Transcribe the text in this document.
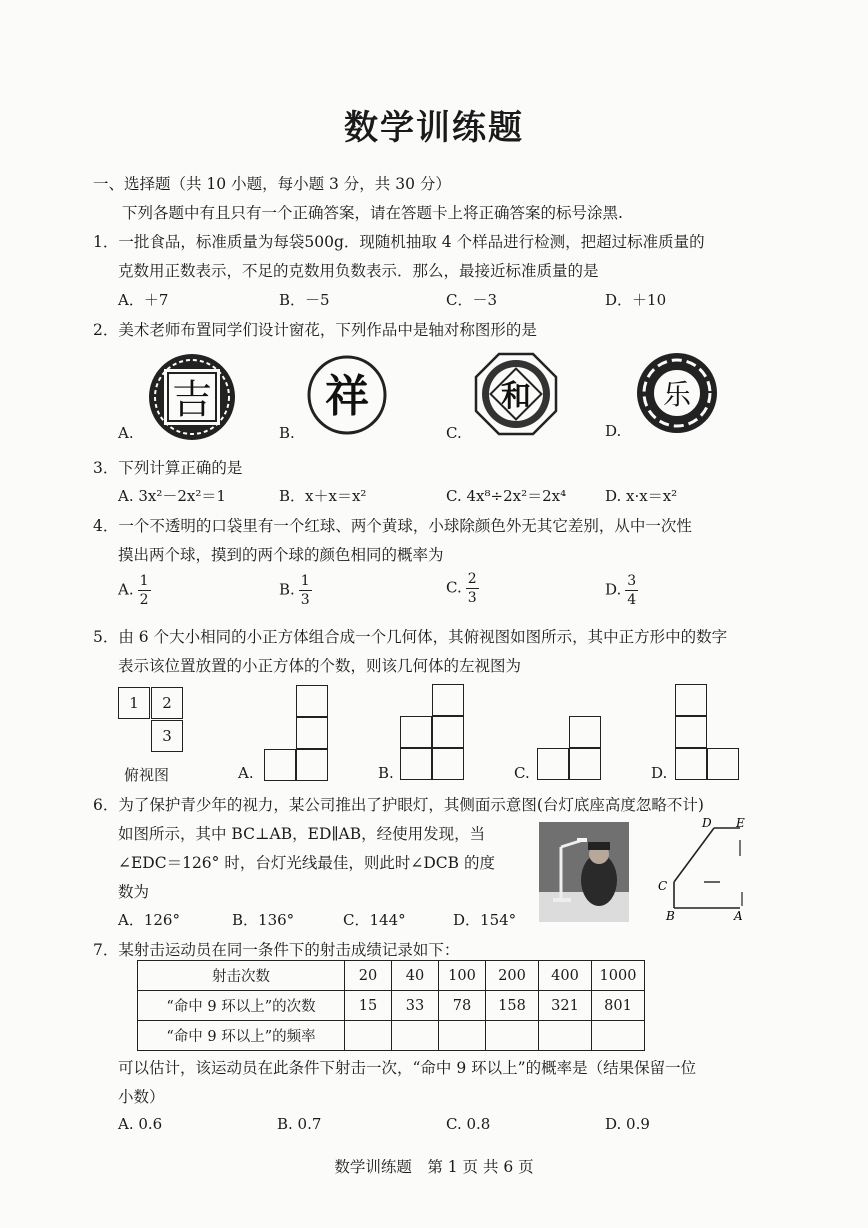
数学训练题
一、选择题（共 10 小题，每小题 3 分，共 30 分）
下列各题中有且只有一个正确答案，请在答题卡上将正确答案的标号涂黑.
1．一批食品，标准质量为每袋500g．现随机抽取 4 个样品进行检测，把超过标准质量的
克数用正数表示，不足的克数用负数表示．那么，最接近标准质量的是
A．＋7	B．－5	C．－3	D．＋10
2．美术老师布置同学们设计窗花，下列作品中是轴对称图形的是
A.	B.	C.	D.
吉	祥	和	乐
3．下列计算正确的是
A. 3x²－2x²＝1	B．x＋x＝x²	C. 4x⁸÷2x²＝2x⁴	D. x·x＝x²
4．一个不透明的口袋里有一个红球、两个黄球，小球除颜色外无其它差别，从中一次性
摸出两个球，摸到的两个球的颜色相同的概率为
A. $\frac{1}{2}$	B. $\frac{1}{3}$	C. $\frac{2}{3}$	D. $\frac{3}{4}$
5．由 6 个大小相同的小正方体组合成一个几何体，其俯视图如图所示，其中正方形中的数字
表示该位置放置的小正方体的个数，则该几何体的左视图为
1	2
3
俯视图	A.	B.	C.	D.
6．为了保护青少年的视力，某公司推出了护眼灯，其侧面示意图(台灯底座高度忽略不计)
如图所示，其中 BC⊥AB，ED∥AB，经使用发现，当
∠EDC＝126° 时，台灯光线最佳，则此时∠DCB 的度
数为
A．126°	B．136°	C．144°	D．154°
D E
C
B	A
7．某射击运动员在同一条件下的射击成绩记录如下：
射击次数	20	40	100	200	400	1000
“命中 9 环以上”的次数	15	33	78	158	321	801
“命中 9 环以上”的频率						
可以估计，该运动员在此条件下射击一次，“命中 9 环以上”的概率是（结果保留一位
小数）
A. 0.6	B. 0.7	C. 0.8	D. 0.9
数学训练题　第 1 页 共 6 页
